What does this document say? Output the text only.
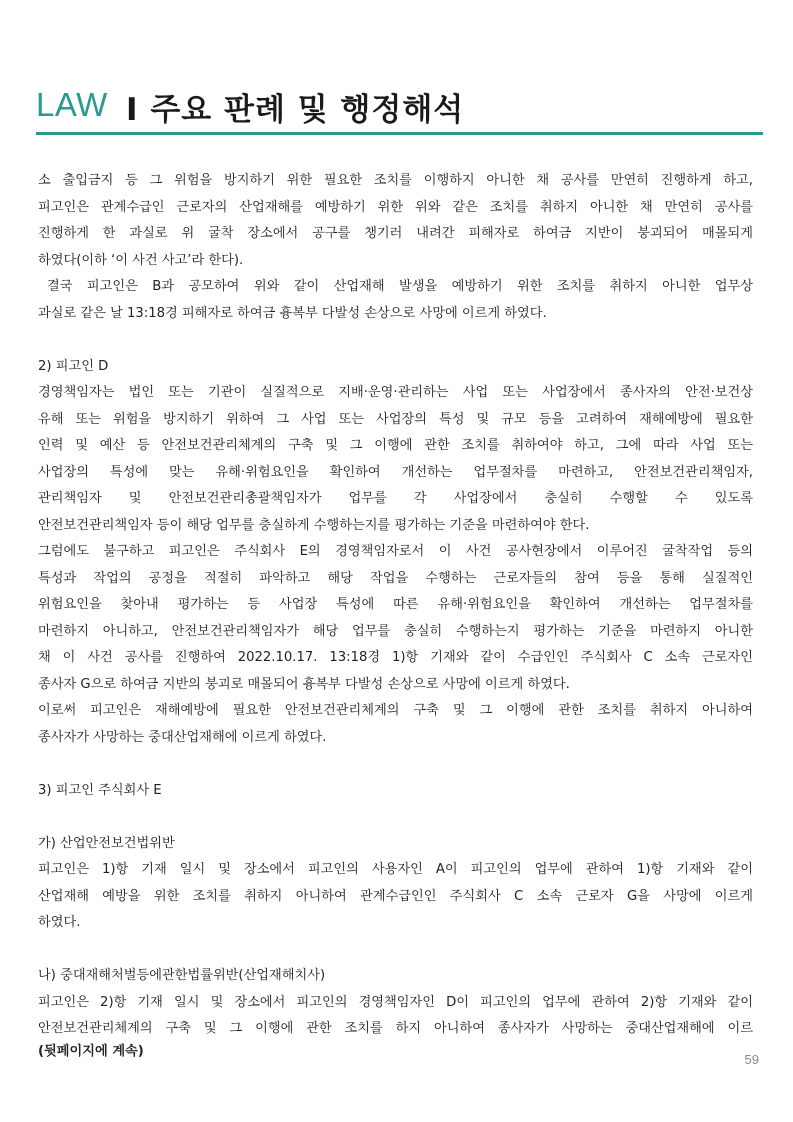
LAW I 주요 판례 및 행정해석
소 출입금지 등 그 위험을 방지하기 위한 필요한 조치를 이행하지 아니한 채 공사를 만연히 진행하게 하고,
피고인은 관계수급인 근로자의 산업재해를 예방하기 위한 위와 같은 조치를 취하지 아니한 채 만연히 공사를
진행하게 한 과실로 위 굴착 장소에서 공구를 챙기러 내려간 피해자로 하여금 지반이 붕괴되어 매몰되게
하였다(이하 ‘이 사건 사고’라 한다).
결국 피고인은 B과 공모하여 위와 같이 산업재해 발생을 예방하기 위한 조치를 취하지 아니한 업무상
과실로 같은 날 13:18경 피해자로 하여금 흉복부 다발성 손상으로 사망에 이르게 하였다.
2) 피고인 D
경영책임자는 법인 또는 기관이 실질적으로 지배·운영·관리하는 사업 또는 사업장에서 종사자의 안전·보건상
유해 또는 위험을 방지하기 위하여 그 사업 또는 사업장의 특성 및 규모 등을 고려하여 재해예방에 필요한
인력 및 예산 등 안전보건관리체계의 구축 및 그 이행에 관한 조치를 취하여야 하고, 그에 따라 사업 또는
사업장의 특성에 맞는 유해·위험요인을 확인하여 개선하는 업무절차를 마련하고, 안전보건관리책임자,
관리책임자 및 안전보건관리총괄책임자가 업무를 각 사업장에서 충실히 수행할 수 있도록
안전보건관리책임자 등이 해당 업무를 충실하게 수행하는지를 평가하는 기준을 마련하여야 한다.
그럼에도 불구하고 피고인은 주식회사 E의 경영책임자로서 이 사건 공사현장에서 이루어진 굴착작업 등의
특성과 작업의 공정을 적절히 파악하고 해당 작업을 수행하는 근로자들의 참여 등을 통해 실질적인
위험요인을 찾아내 평가하는 등 사업장 특성에 따른 유해·위험요인을 확인하여 개선하는 업무절차를
마련하지 아니하고, 안전보건관리책임자가 해당 업무를 충실히 수행하는지 평가하는 기준을 마련하지 아니한
채 이 사건 공사를 진행하여 2022.10.17. 13:18경 1)항 기재와 같이 수급인인 주식회사 C 소속 근로자인
종사자 G으로 하여금 지반의 붕괴로 매몰되어 흉복부 다발성 손상으로 사망에 이르게 하였다.
이로써 피고인은 재해예방에 필요한 안전보건관리체계의 구축 및 그 이행에 관한 조치를 취하지 아니하여
종사자가 사망하는 중대산업재해에 이르게 하였다.
3) 피고인 주식회사 E
가) 산업안전보건법위반
피고인은 1)항 기재 일시 및 장소에서 피고인의 사용자인 A이 피고인의 업무에 관하여 1)항 기재와 같이
산업재해 예방을 위한 조치를 취하지 아니하여 관계수급인인 주식회사 C 소속 근로자 G을 사망에 이르게
하였다.
나) 중대재해처벌등에관한법률위반(산업재해치사)
피고인은 2)항 기재 일시 및 장소에서 피고인의 경영책임자인 D이 피고인의 업무에 관하여 2)항 기재와 같이
안전보건관리체계의 구축 및 그 이행에 관한 조치를 하지 아니하여 종사자가 사망하는 중대산업재해에 이르
(뒷페이지에 계속)
59
